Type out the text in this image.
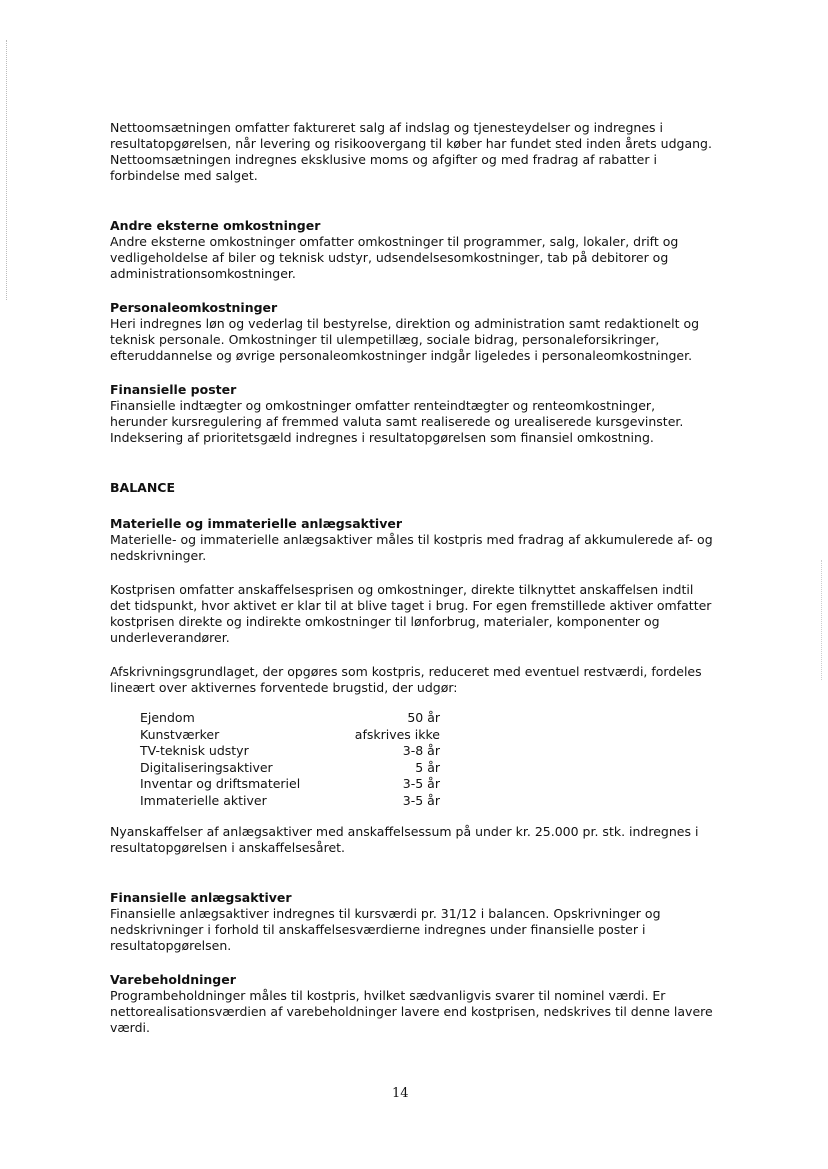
Nettoomsætningen omfatter faktureret salg af indslag og tjenesteydelser og indregnes i resultatopgørelsen, når levering og risikoovergang til køber har fundet sted inden årets udgang.

Nettoomsætningen indregnes eksklusive moms og afgifter og med fradrag af rabatter i forbindelse med salget.

Andre eksterne omkostninger

Andre eksterne omkostninger omfatter omkostninger til programmer, salg, lokaler, drift og vedligeholdelse af biler og teknisk udstyr, udsendelsesomkostninger, tab på debitorer og administrationsomkostninger.

Personaleomkostninger

Heri indregnes løn og vederlag til bestyrelse, direktion og administration samt redaktionelt og teknisk personale. Omkostninger til ulempetillæg, sociale bidrag, personaleforsikringer, efteruddannelse og øvrige personaleomkostninger indgår ligeledes i personaleomkostninger.

Finansielle poster

Finansielle indtægter og omkostninger omfatter renteindtægter og renteomkostninger, herunder kursregulering af fremmed valuta samt realiserede og urealiserede kursgevinster. Indeksering af prioritetsgæld indregnes i resultatopgørelsen som finansiel omkostning.

BALANCE
Materielle og immaterielle anlægsaktiver

Materielle- og immaterielle anlægsaktiver måles til kostpris med fradrag af akkumulerede af- og nedskrivninger.

Kostprisen omfatter anskaffelsesprisen og omkostninger, direkte tilknyttet anskaffelsen indtil det tidspunkt, hvor aktivet er klar til at blive taget i brug. For egen fremstillede aktiver omfatter kostprisen direkte og indirekte omkostninger til lønforbrug, materialer, komponenter og underleverandører.

Afskrivningsgrundlaget, der opgøres som kostpris, reduceret med eventuel restværdi, fordeles lineært over aktivernes forventede brugstid, der udgør:

Ejendom	50 år
Kunstværker	afskrives ikke
TV-teknisk udstyr	3-8 år
Digitaliseringsaktiver	5 år
Inventar og driftsmateriel	3-5 år
Immaterielle aktiver	3-5 år

Nyanskaffelser af anlægsaktiver med anskaffelsessum på under kr. 25.000 pr. stk. indregnes i resultatopgørelsen i anskaffelsesåret.

Finansielle anlægsaktiver

Finansielle anlægsaktiver indregnes til kursværdi pr. 31/12 i balancen. Opskrivninger og nedskrivninger i forhold til anskaffelsesværdierne indregnes under finansielle poster i resultatopgørelsen.

Varebeholdninger

Programbeholdninger måles til kostpris, hvilket sædvanligvis svarer til nominel værdi. Er nettorealisationsværdien af varebeholdninger lavere end kostprisen, nedskrives til denne lavere værdi.

14
